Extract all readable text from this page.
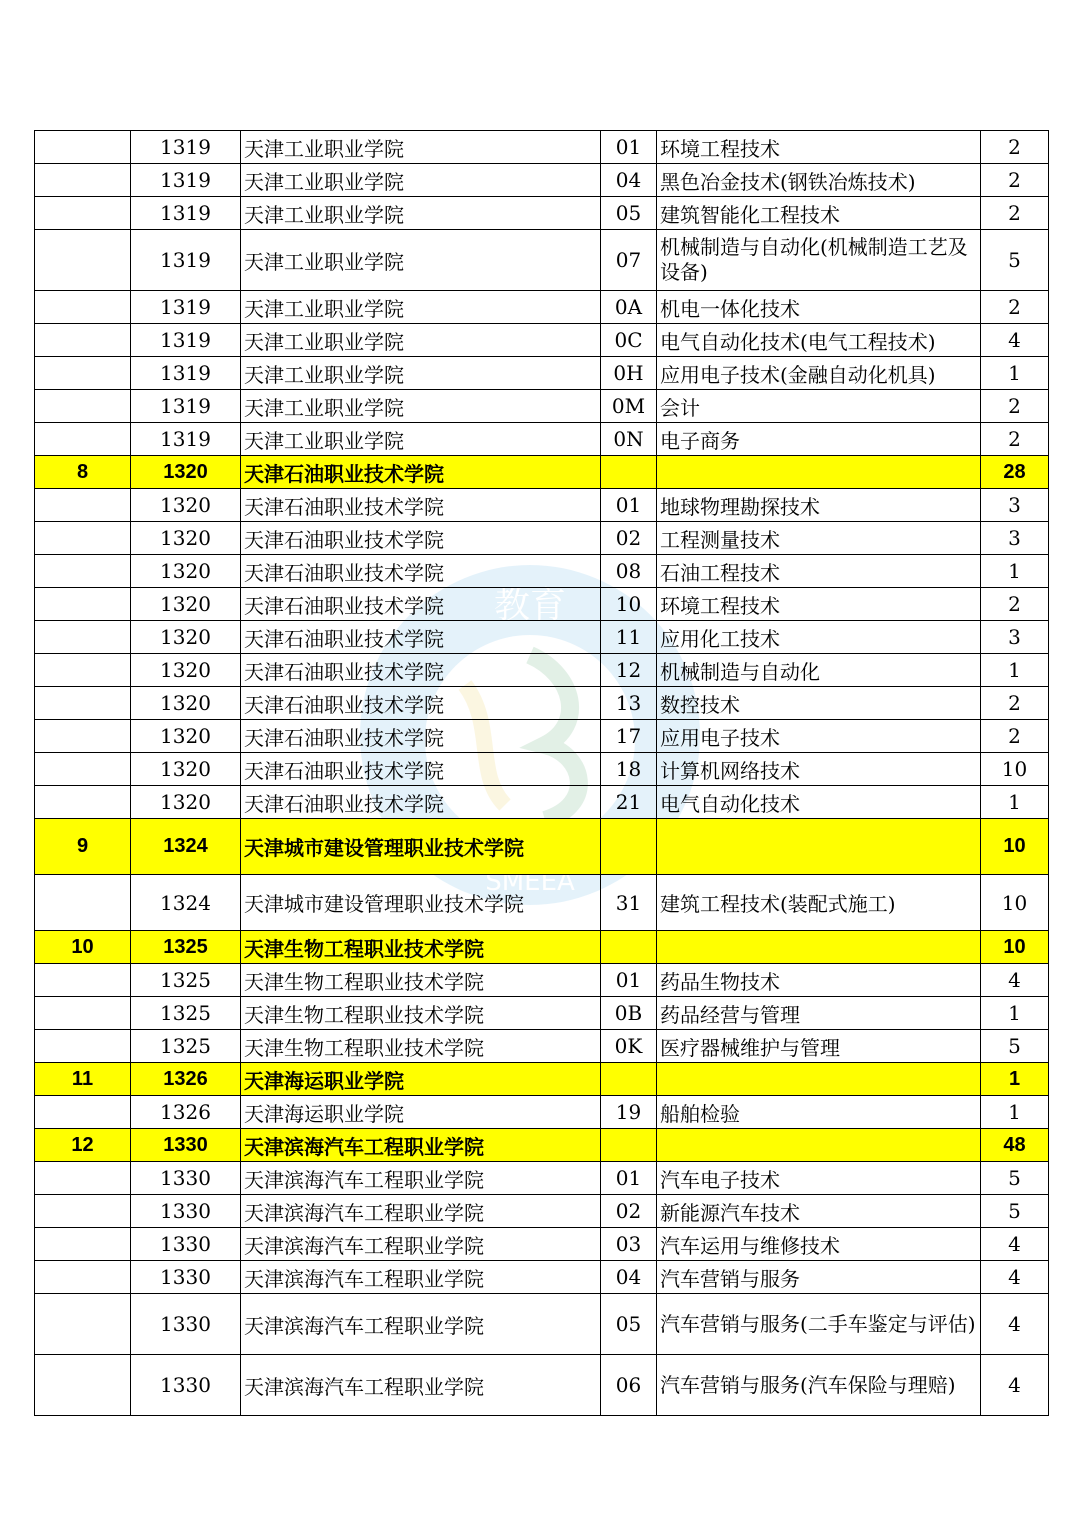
教育
SMEEA
	1319	天津工业职业学院	01	环境工程技术	2
	1319	天津工业职业学院	04	黑色冶金技术(钢铁冶炼技术)	2
	1319	天津工业职业学院	05	建筑智能化工程技术	2
	1319	天津工业职业学院	07	机械制造与自动化(机械制造工艺及设备)	5
	1319	天津工业职业学院	0A	机电一体化技术	2
	1319	天津工业职业学院	0C	电气自动化技术(电气工程技术)	4
	1319	天津工业职业学院	0H	应用电子技术(金融自动化机具)	1
	1319	天津工业职业学院	0M	会计	2
	1319	天津工业职业学院	0N	电子商务	2
8	1320	天津石油职业技术学院			28
	1320	天津石油职业技术学院	01	地球物理勘探技术	3
	1320	天津石油职业技术学院	02	工程测量技术	3
	1320	天津石油职业技术学院	08	石油工程技术	1
	1320	天津石油职业技术学院	10	环境工程技术	2
	1320	天津石油职业技术学院	11	应用化工技术	3
	1320	天津石油职业技术学院	12	机械制造与自动化	1
	1320	天津石油职业技术学院	13	数控技术	2
	1320	天津石油职业技术学院	17	应用电子技术	2
	1320	天津石油职业技术学院	18	计算机网络技术	10
	1320	天津石油职业技术学院	21	电气自动化技术	1
9	1324	天津城市建设管理职业技术学院			10
	1324	天津城市建设管理职业技术学院	31	建筑工程技术(装配式施工)	10
10	1325	天津生物工程职业技术学院			10
	1325	天津生物工程职业技术学院	01	药品生物技术	4
	1325	天津生物工程职业技术学院	0B	药品经营与管理	1
	1325	天津生物工程职业技术学院	0K	医疗器械维护与管理	5
11	1326	天津海运职业学院			1
	1326	天津海运职业学院	19	船舶检验	1
12	1330	天津滨海汽车工程职业学院			48
	1330	天津滨海汽车工程职业学院	01	汽车电子技术	5
	1330	天津滨海汽车工程职业学院	02	新能源汽车技术	5
	1330	天津滨海汽车工程职业学院	03	汽车运用与维修技术	4
	1330	天津滨海汽车工程职业学院	04	汽车营销与服务	4
	1330	天津滨海汽车工程职业学院	05	汽车营销与服务(二手车鉴定与评估)	4
	1330	天津滨海汽车工程职业学院	06	汽车营销与服务(汽车保险与理赔)	4
